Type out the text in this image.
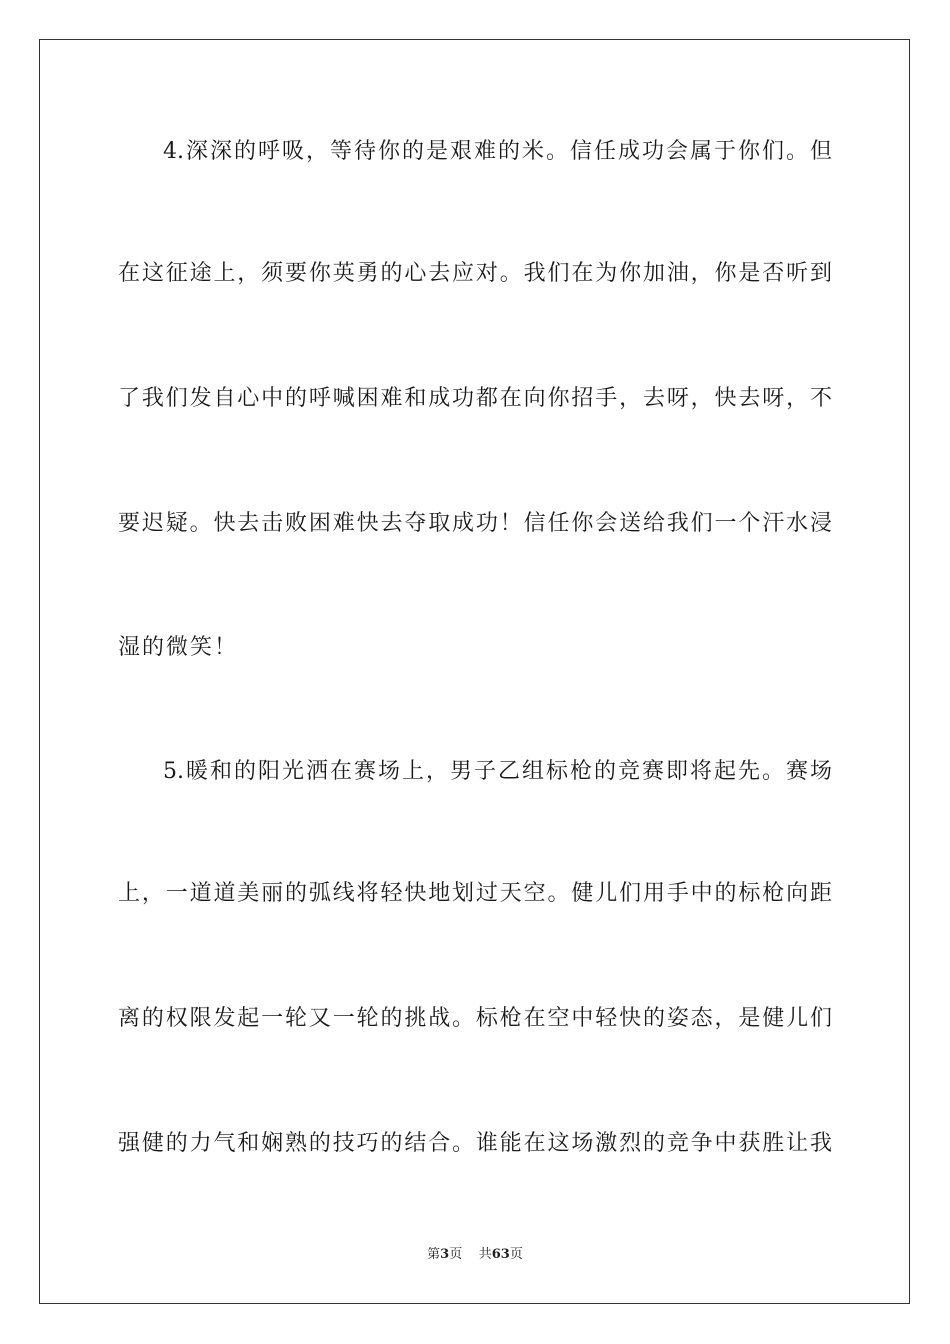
4.深深的呼吸，等待你的是艰难的米。信任成功会属于你们。但
在这征途上，须要你英勇的心去应对。我们在为你加油，你是否听到
了我们发自心中的呼喊困难和成功都在向你招手，去呀，快去呀，不
要迟疑。快去击败困难快去夺取成功！信任你会送给我们一个汗水浸
湿的微笑！
5.暖和的阳光洒在赛场上，男子乙组标枪的竞赛即将起先。赛场
上，一道道美丽的弧线将轻快地划过天空。健儿们用手中的标枪向距
离的权限发起一轮又一轮的挑战。标枪在空中轻快的姿态，是健儿们
强健的力气和娴熟的技巧的结合。谁能在这场激烈的竞争中获胜让我
第3页 共63页
